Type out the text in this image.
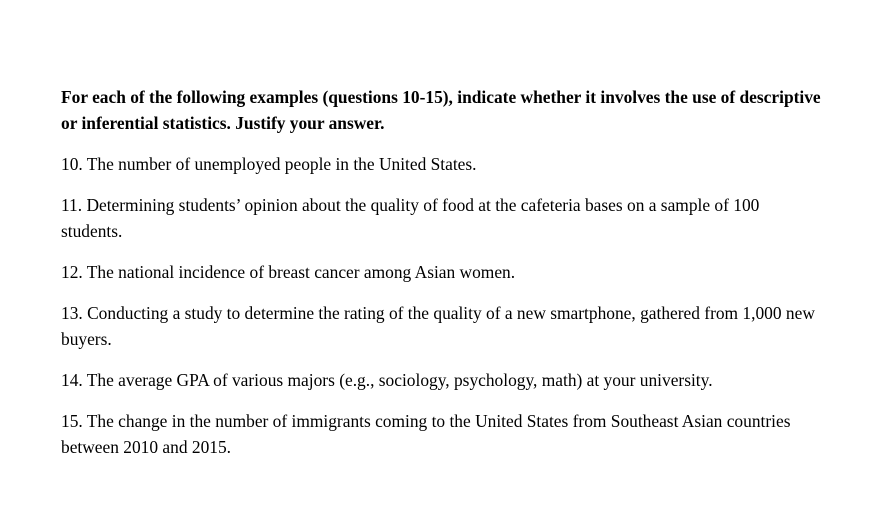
For each of the following examples (questions 10-15), indicate whether it involves the use of descriptive or inferential statistics. Justify your answer.

10. The number of unemployed people in the United States.

11. Determining students’ opinion about the quality of food at the cafeteria bases on a sample of 100 students.

12. The national incidence of breast cancer among Asian women.

13. Conducting a study to determine the rating of the quality of a new smartphone, gathered from 1,000 new buyers.

14. The average GPA of various majors (e.g., sociology, psychology, math) at your university.

15. The change in the number of immigrants coming to the United States from Southeast Asian countries between 2010 and 2015.
